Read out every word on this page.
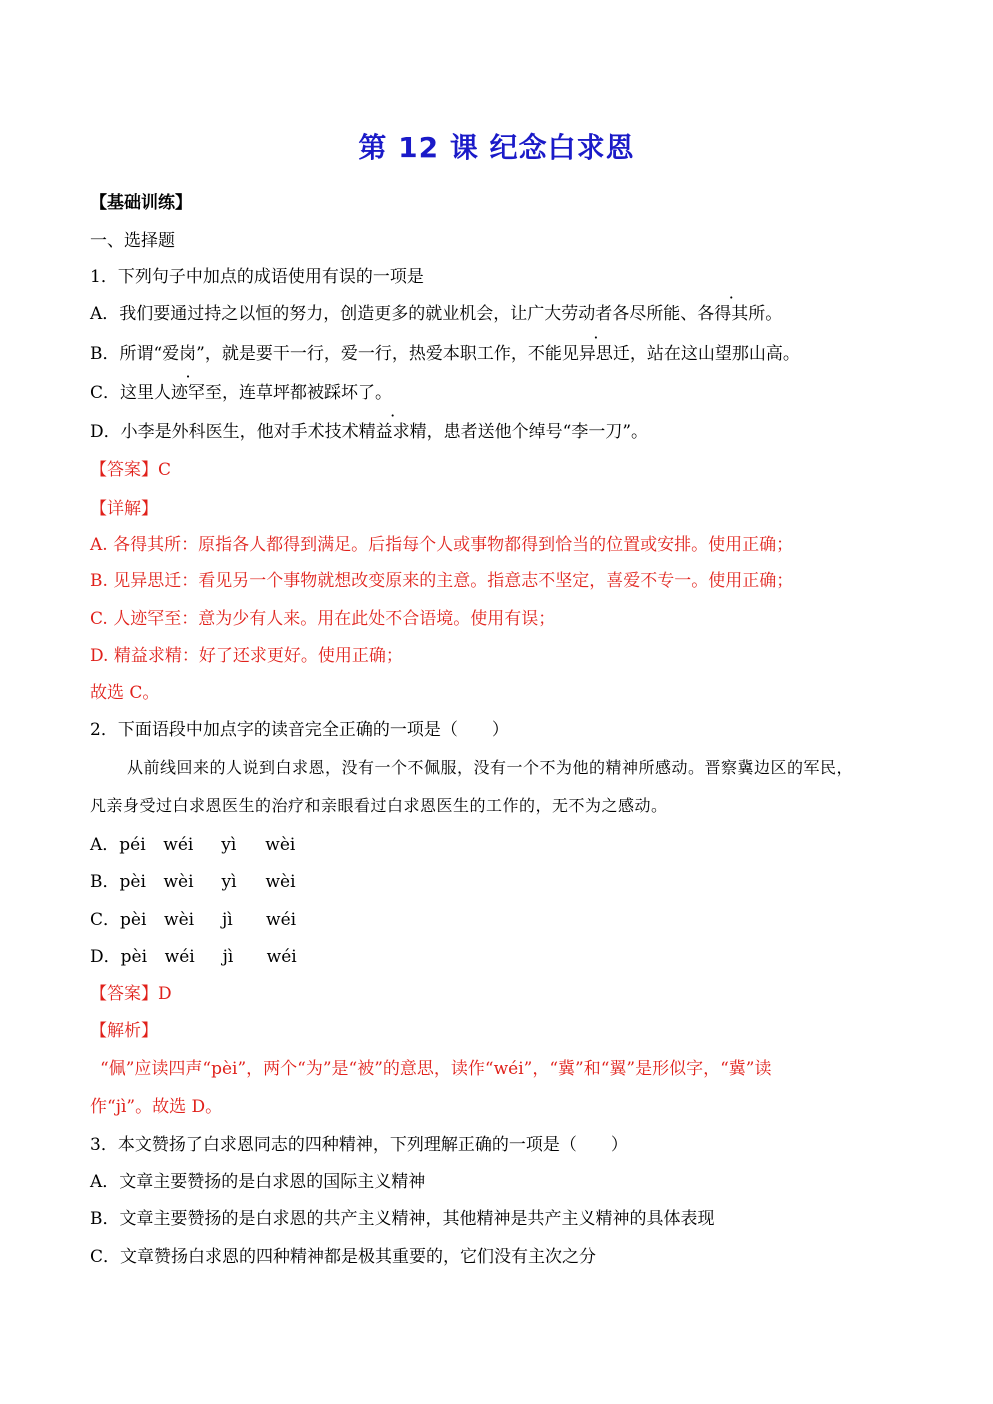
第 12 课 纪念白求恩
【基础训练】
一、选择题
1．下列句子中加点的成语使用有误的一项是
A．我们要通过持之以恒的努力，创造更多的就业机会，让广大劳动者各尽所能、各得其所。
B．所谓“爱岗”，就是要干一行，爱一行，热爱本职工作，不能见异思迁，站在这山望那山高。
C．这里人迹罕至，连草坪都被踩坏了。
D．小李是外科医生，他对手术技术精益求精，患者送他个绰号“李一刀”。
【答案】C
【详解】
A. 各得其所：原指各人都得到满足。后指每个人或事物都得到恰当的位置或安排。使用正确；
B. 见异思迁：看见另一个事物就想改变原来的主意。指意志不坚定，喜爱不专一。使用正确；
C. 人迹罕至：意为少有人来。用在此处不合语境。使用有误；
D. 精益求精：好了还求更好。使用正确；
故选 C。
2．下面语段中加点字的读音完全正确的一项是（　　）
从前线回来的人说到白求恩，没有一个不佩服，没有一个不为他的精神所感动。晋察冀边区的军民，
凡亲身受过白求恩医生的治疗和亲眼看过白求恩医生的工作的，无不为之感动。
A．péi wéi yì wèi
B．pèi wèi yì wèi
C．pèi wèi jì wéi
D．pèi wéi jì wéi
【答案】D
【解析】
“佩”应读四声“pèi”，两个“为”是“被”的意思，读作“wéi”，“冀”和“翼”是形似字，“冀”读
作“jì”。故选 D。
3．本文赞扬了白求恩同志的四种精神，下列理解正确的一项是（　　）
A．文章主要赞扬的是白求恩的国际主义精神
B．文章主要赞扬的是白求恩的共产主义精神，其他精神是共产主义精神的具体表现
C．文章赞扬白求恩的四种精神都是极其重要的，它们没有主次之分
